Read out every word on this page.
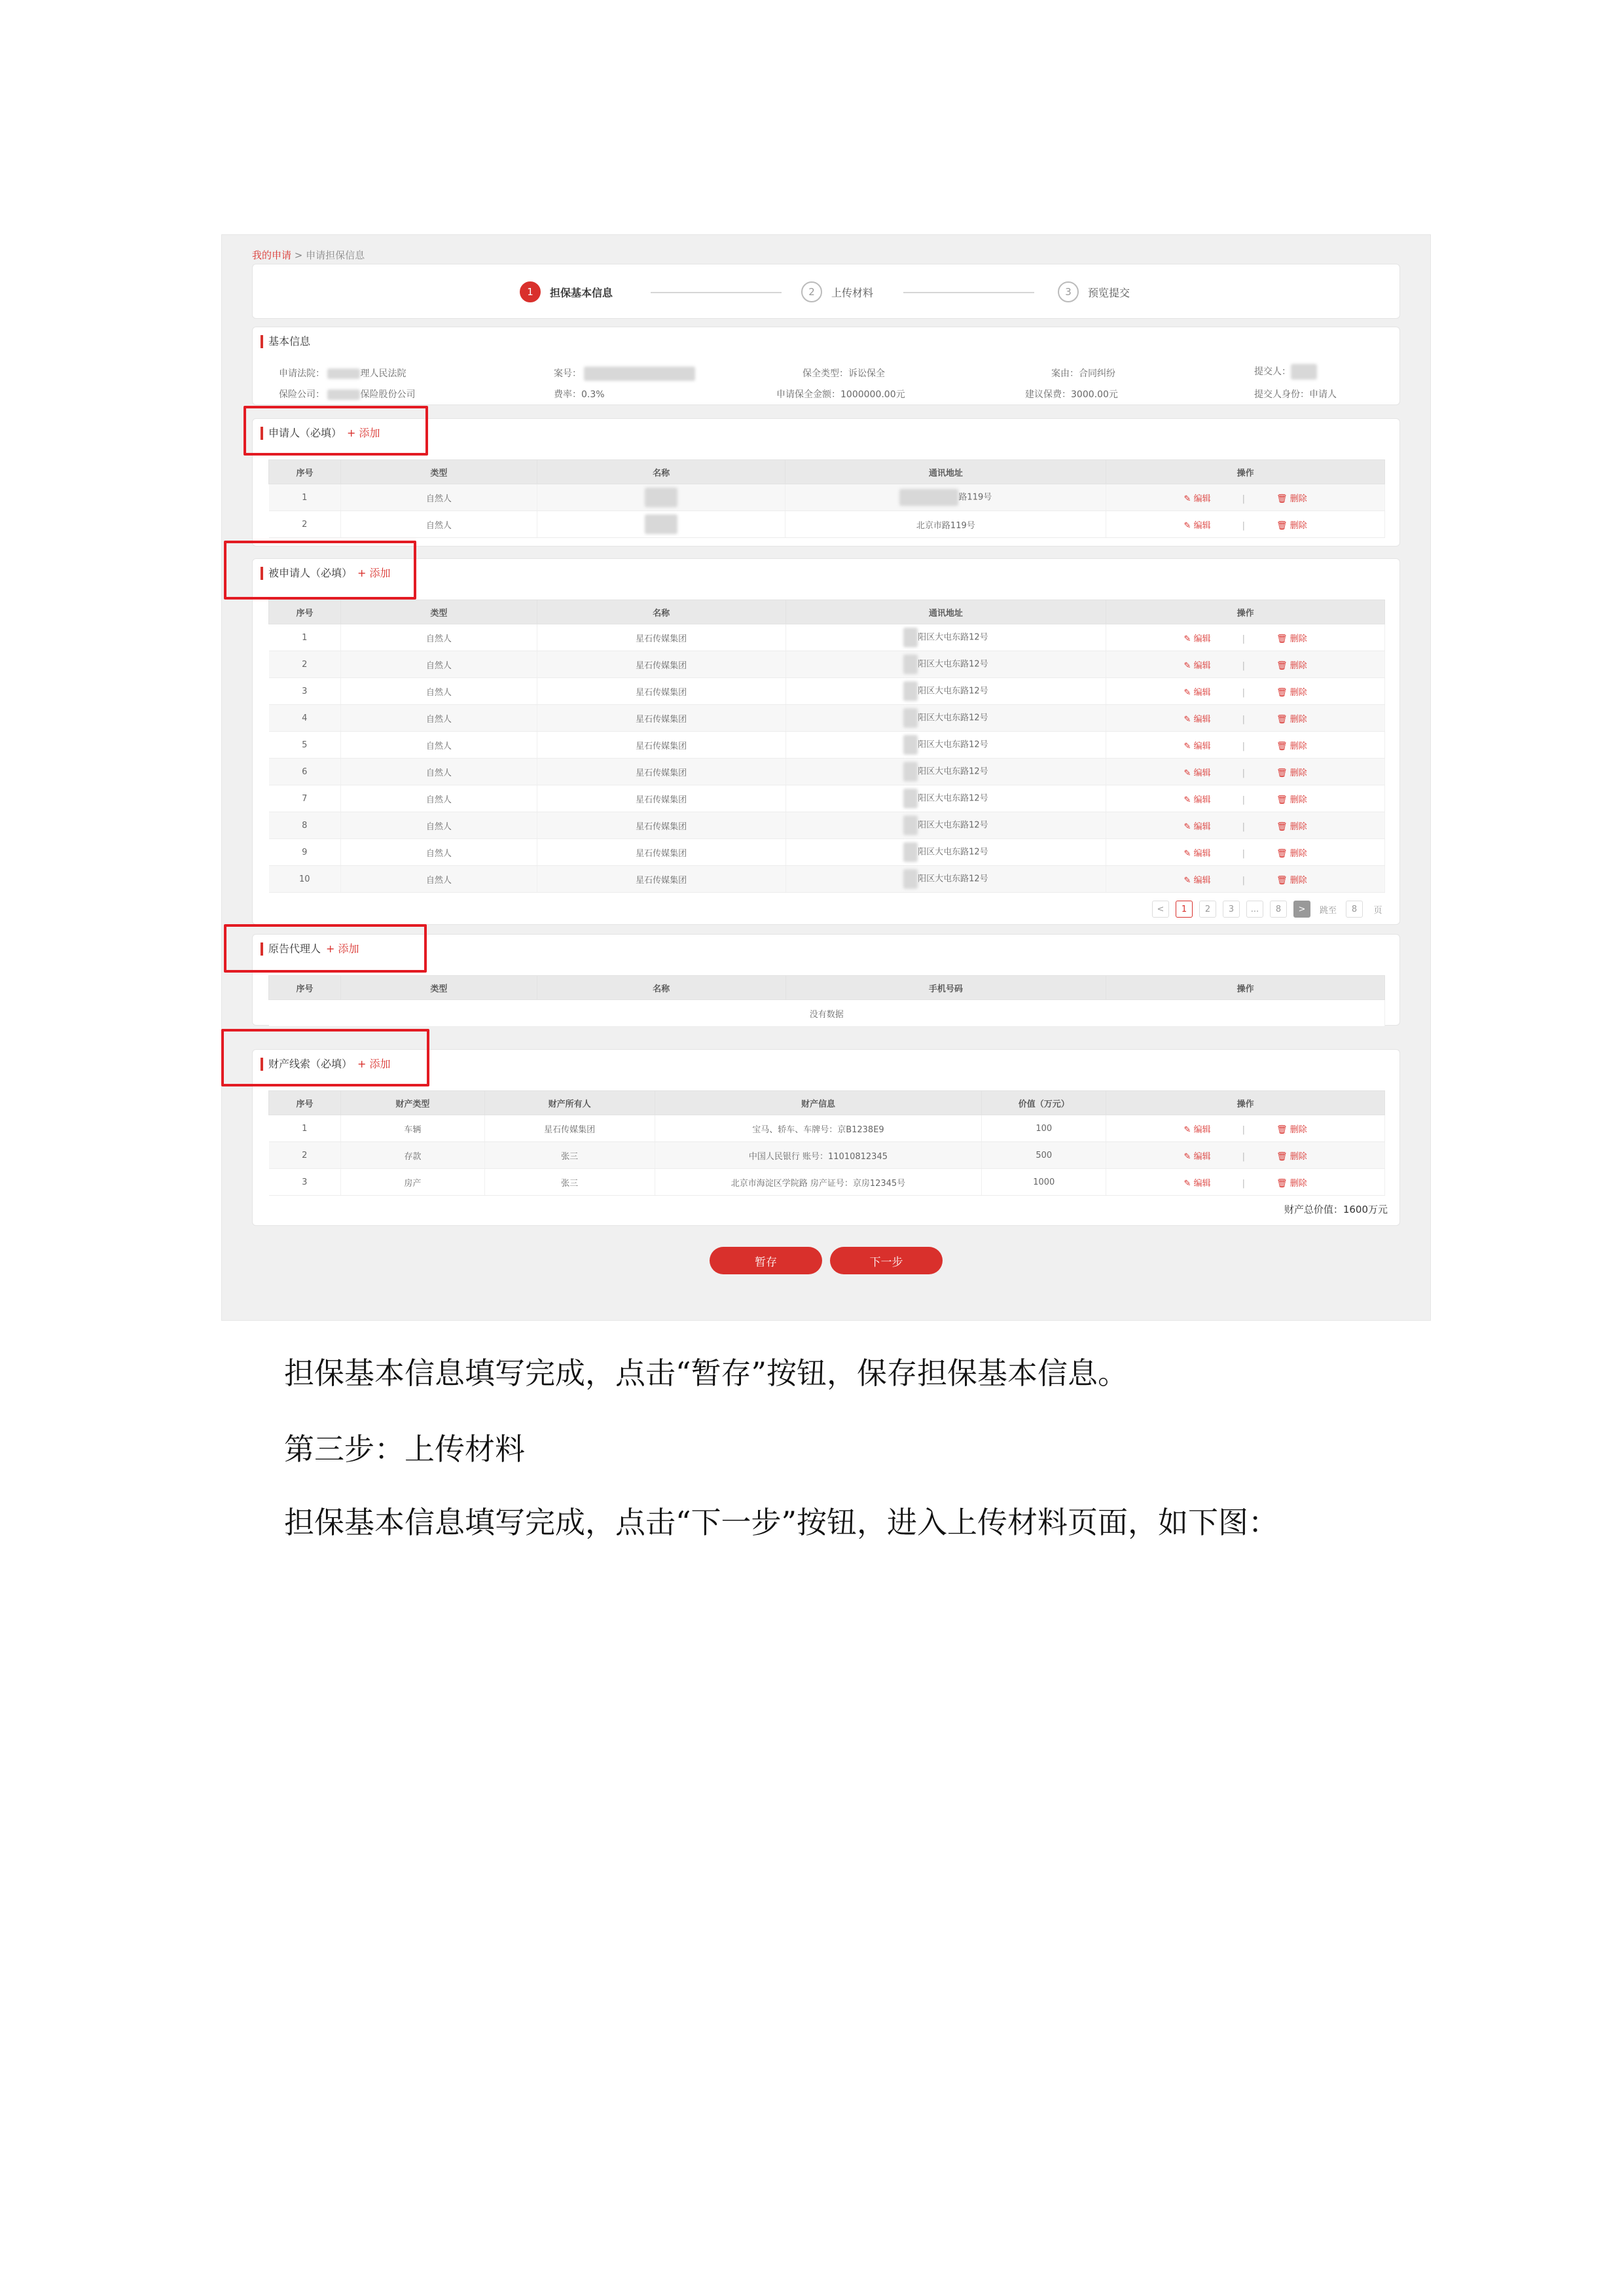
我的申请 > 申请担保信息
1	担保基本信息	2	上传材料	3	预览提交
基本信息
申请法院：	理人民法院	案号：	保全类型：诉讼保全	案由：合同纠纷	提交人：
保险公司：	保险股份公司	费率：0.3%	申请保全金额：1000000.00元	建议保费：3000.00元	提交人身份：申请人
申请人（必填） + 添加
序号	类型	名称	通讯地址	操作
1	自然人		路119号	✎ 编辑 | 🗑 删除
2	自然人		北京市路119号	✎ 编辑 | 🗑 删除
被申请人（必填） + 添加
序号	类型	名称	通讯地址	操作
1	自然人	星石传媒集团	阳区大屯东路12号	✎ 编辑 | 🗑 删除
2	自然人	星石传媒集团	阳区大屯东路12号	✎ 编辑 | 🗑 删除
3	自然人	星石传媒集团	阳区大屯东路12号	✎ 编辑 | 🗑 删除
4	自然人	星石传媒集团	阳区大屯东路12号	✎ 编辑 | 🗑 删除
5	自然人	星石传媒集团	阳区大屯东路12号	✎ 编辑 | 🗑 删除
6	自然人	星石传媒集团	阳区大屯东路12号	✎ 编辑 | 🗑 删除
7	自然人	星石传媒集团	阳区大屯东路12号	✎ 编辑 | 🗑 删除
8	自然人	星石传媒集团	阳区大屯东路12号	✎ 编辑 | 🗑 删除
9	自然人	星石传媒集团	阳区大屯东路12号	✎ 编辑 | 🗑 删除
10	自然人	星石传媒集团	阳区大屯东路12号	✎ 编辑 | 🗑 删除
<	1	2	3	...	8	>	跳至	8	页
原告代理人 + 添加
序号	类型	名称	手机号码	操作
没有数据
财产线索（必填） + 添加
序号	财产类型	财产所有人	财产信息	价值（万元）	操作
1	车辆	星石传媒集团	宝马、轿车、车牌号：京B1238E9	100	✎ 编辑 | 🗑 删除
2	存款	张三	中国人民银行 账号：11010812345	500	✎ 编辑 | 🗑 删除
3	房产	张三	北京市海淀区学院路 房产证号：京房12345号	1000	✎ 编辑 | 🗑 删除
财产总价值：1600万元
暂存	下一步
担保基本信息填写完成，点击“暂存”按钮，保存担保基本信息。
第三步：上传材料
担保基本信息填写完成，点击“下一步”按钮，进入上传材料页面，如下图：
